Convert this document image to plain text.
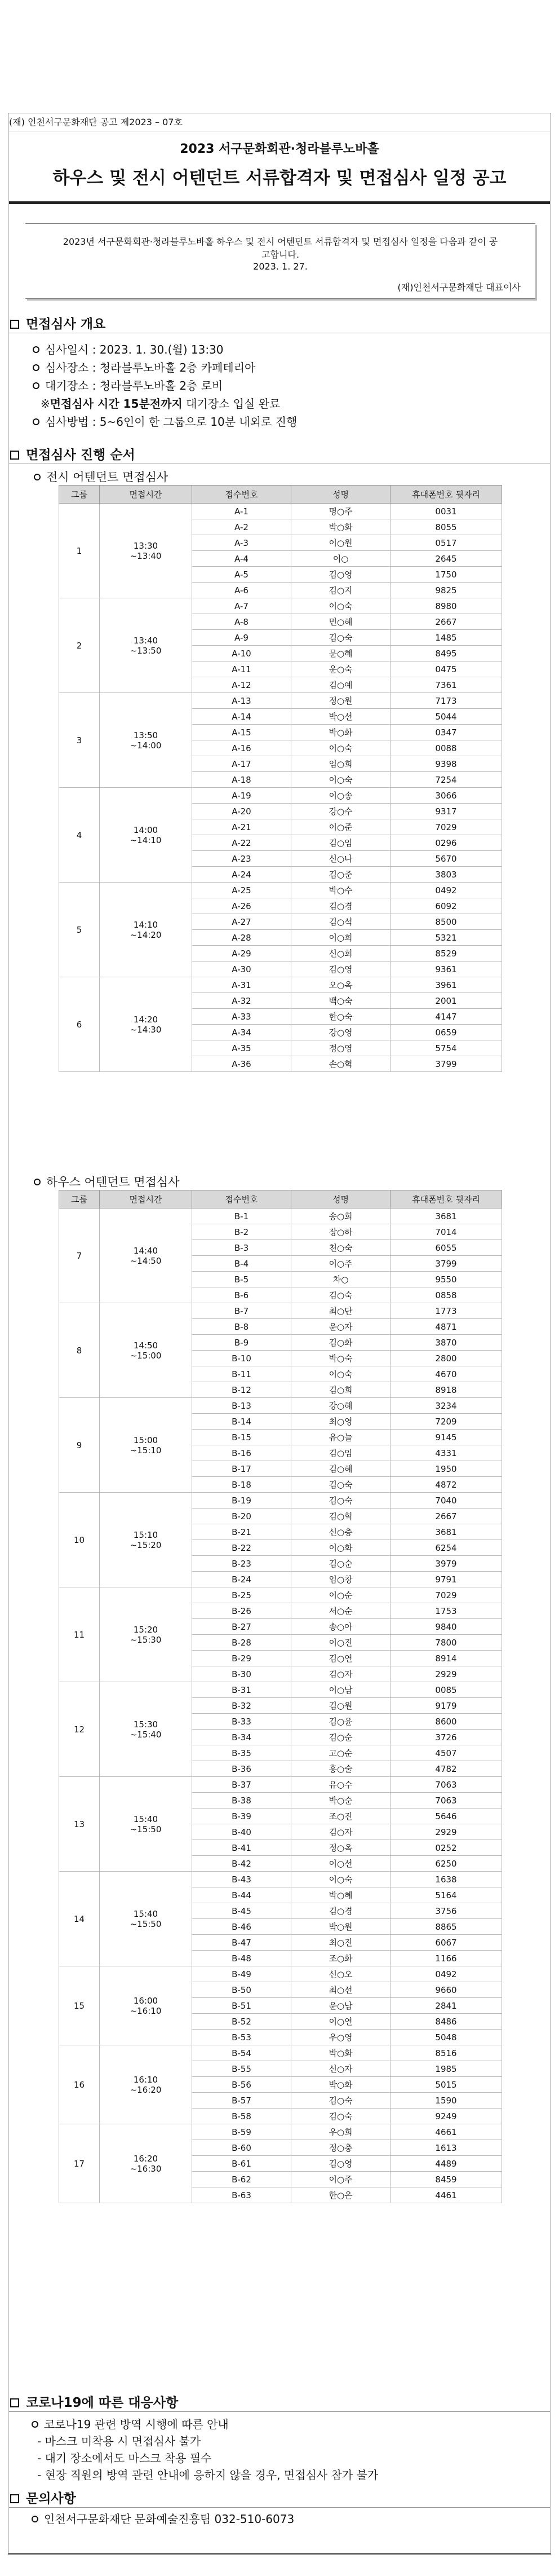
(재) 인천서구문화재단 공고 제2023 – 07호
2023 서구문화회관·청라블루노바홀
하우스 및 전시 어텐던트 서류합격자 및 면접심사 일정 공고
2023년 서구문화회관·청라블루노바홀 하우스 및 전시 어텐던트 서류합격자 및 면접심사 일정을 다음과 같이 공고합니다.
2023. 1. 27.
(재)인천서구문화재단 대표이사
면접심사 개요
심사일시 : 2023. 1. 30.(월) 13:30
심사장소 : 청라블루노바홀 2층 카페테리아
대기장소 : 청라블루노바홀 2층 로비
※면접심사 시간 15분전까지 대기장소 입실 완료
심사방법 : 5~6인이 한 그룹으로 10분 내외로 진행
면접심사 진행 순서
전시 어텐던트 면접심사
그룹	면접시간	접수번호	성명	휴대폰번호 뒷자리
1	13:30
~13:40	A-1	명○주	0031
		A-2	박○화	8055
		A-3	이○원	0517
		A-4	이○	2645
		A-5	김○영	1750
		A-6	김○지	9825
2	13:40
~13:50	A-7	이○숙	8980
		A-8	민○혜	2667
		A-9	김○숙	1485
		A-10	문○혜	8495
		A-11	윤○숙	0475
		A-12	김○예	7361
3	13:50
~14:00	A-13	정○원	7173
		A-14	박○선	5044
		A-15	박○화	0347
		A-16	이○숙	0088
		A-17	임○희	9398
		A-18	이○숙	7254
4	14:00
~14:10	A-19	이○송	3066
		A-20	강○수	9317
		A-21	이○준	7029
		A-22	김○임	0296
		A-23	신○나	5670
		A-24	김○준	3803
5	14:10
~14:20	A-25	박○수	0492
		A-26	김○경	6092
		A-27	김○석	8500
		A-28	이○희	5321
		A-29	신○희	8529
		A-30	김○영	9361
6	14:20
~14:30	A-31	오○옥	3961
		A-32	백○숙	2001
		A-33	한○숙	4147
		A-34	강○영	0659
		A-35	정○영	5754
		A-36	손○혁	3799
하우스 어텐던트 면접심사
그룹	면접시간	접수번호	성명	휴대폰번호 뒷자리
7	14:40
~14:50	B-1	송○희	3681
		B-2	장○하	7014
		B-3	천○숙	6055
		B-4	이○주	3799
		B-5	차○	9550
		B-6	김○숙	0858
8	14:50
~15:00	B-7	최○단	1773
		B-8	윤○자	4871
		B-9	김○화	3870
		B-10	박○숙	2800
		B-11	이○숙	4670
		B-12	김○희	8918
9	15:00
~15:10	B-13	강○혜	3234
		B-14	최○영	7209
		B-15	유○늘	9145
		B-16	김○임	4331
		B-17	김○혜	1950
		B-18	김○숙	4872
10	15:10
~15:20	B-19	김○숙	7040
		B-20	김○혁	2667
		B-21	신○층	3681
		B-22	이○화	6254
		B-23	김○순	3979
		B-24	임○창	9791
11	15:20
~15:30	B-25	이○순	7029
		B-26	서○순	1753
		B-27	송○아	9840
		B-28	이○진	7800
		B-29	김○연	8914
		B-30	김○자	2929
12	15:30
~15:40	B-31	이○남	0085
		B-32	김○원	9179
		B-33	김○윤	8600
		B-34	김○순	3726
		B-35	고○순	4507
		B-36	홍○술	4782
13	15:40
~15:50	B-37	유○수	7063
		B-38	박○순	7063
		B-39	조○진	5646
		B-40	김○자	2929
		B-41	정○옥	0252
		B-42	이○선	6250
14	15:40
~15:50	B-43	이○숙	1638
		B-44	박○혜	5164
		B-45	김○경	3756
		B-46	박○원	8865
		B-47	최○진	6067
		B-48	조○화	1166
15	16:00
~16:10	B-49	신○오	0492
		B-50	최○선	9660
		B-51	윤○남	2841
		B-52	이○연	8486
		B-53	우○영	5048
16	16:10
~16:20	B-54	박○화	8516
		B-55	신○자	1985
		B-56	박○화	5015
		B-57	김○숙	1590
		B-58	김○숙	9249
17	16:20
~16:30	B-59	우○희	4661
		B-60	정○충	1613
		B-61	김○영	4489
		B-62	이○주	8459
		B-63	한○은	4461
코로나19에 따른 대응사항
코로나19 관련 방역 시행에 따른 안내
- 마스크 미착용 시 면접심사 불가
- 대기 장소에서도 마스크 착용 필수
- 현장 직원의 방역 관련 안내에 응하지 않을 경우, 면접심사 참가 불가
문의사항
인천서구문화재단 문화예술진흥팀 032-510-6073
